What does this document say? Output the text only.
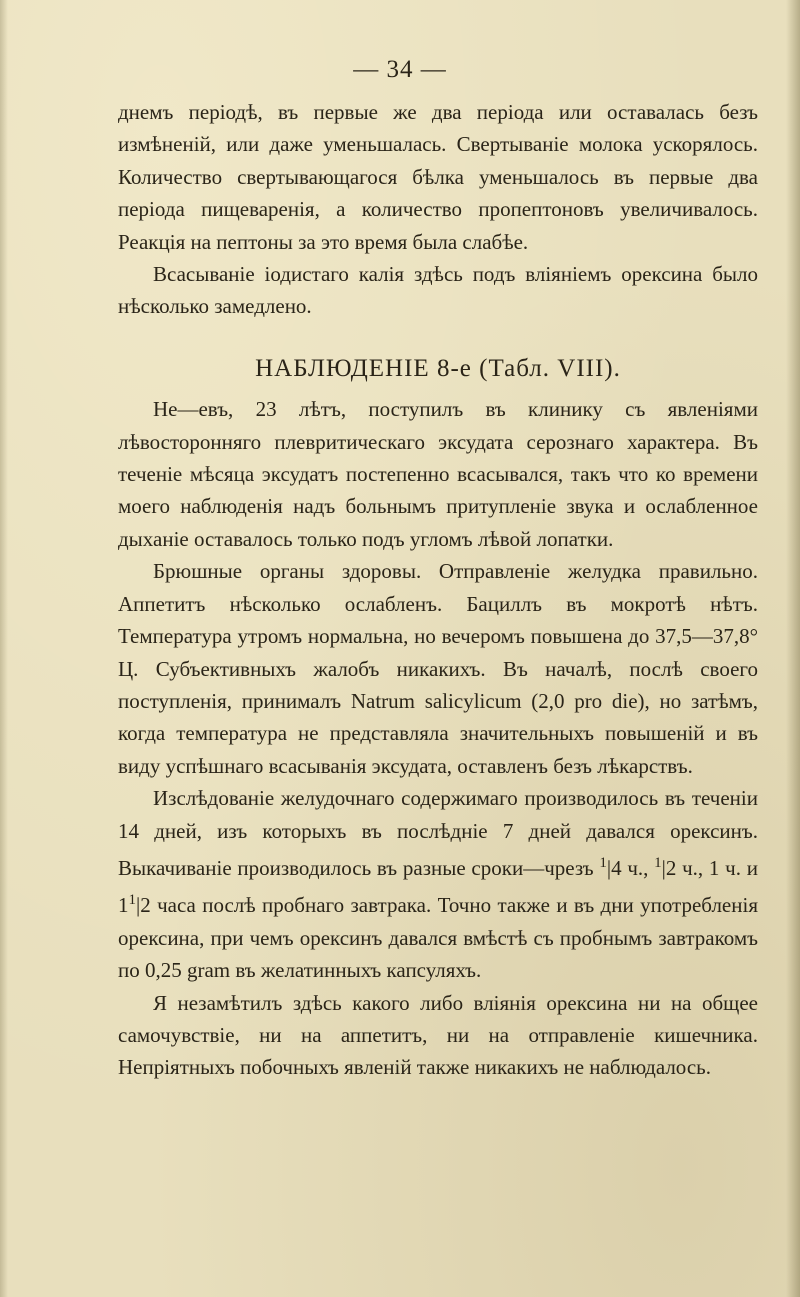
— 34 —

днемъ періодѣ, въ первые же два періода или оставалась безъ измѣненій, или даже уменьшалась. Свертываніе молока ускорялось. Количество свертывающагося бѣлка уменьшалось въ первые два періода пищеваренія, а количество пропептоновъ увеличивалось. Реакція на пептоны за это время была слабѣе.

Всасываніе іодистаго калія здѣсь подъ вліяніемъ орексина было нѣсколько замедлено.

НАБЛЮДЕНІЕ 8-е (Табл. VIII).

Не—евъ, 23 лѣтъ, поступилъ въ клинику съ явленіями лѣвосторонняго плевритическаго эксудата серознаго характера. Въ теченіе мѣсяца эксудатъ постепенно всасывался, такъ что ко времени моего наблюденія надъ больнымъ притупленіе звука и ослабленное дыханіе оставалось только подъ угломъ лѣвой лопатки.

Брюшные органы здоровы. Отправленіе желудка правильно. Аппетитъ нѣсколько ослабленъ. Бациллъ въ мокротѣ нѣтъ. Температура утромъ нормальна, но вечеромъ повышена до 37,5—37,8° Ц. Субъективныхъ жалобъ никакихъ. Въ началѣ, послѣ своего поступленія, принималъ Natrum salicylicum (2,0 pro die), но затѣмъ, когда температура не представляла значительныхъ повышеній и въ виду успѣшнаго всасыванія эксудата, оставленъ безъ лѣкарствъ.

Изслѣдованіе желудочнаго содержимаго производилось въ теченіи 14 дней, изъ которыхъ въ послѣдніе 7 дней давался орексинъ. Выкачиваніе производилось въ разные сроки—чрезъ $^1$|4 ч., $^1$|2 ч., 1 ч. и $1^1|2$ часа послѣ пробнаго завтрака. Точно также и въ дни употребленія орексина, при чемъ орексинъ давался вмѣстѣ съ пробнымъ завтракомъ по 0,25 gram въ желатинныхъ капсуляхъ.

Я незамѣтилъ здѣсь какого либо вліянія орексина ни на общее самочувствіе, ни на аппетитъ, ни на отправленіе кишечника. Непріятныхъ побочныхъ явленій также никакихъ не наблюдалось.
